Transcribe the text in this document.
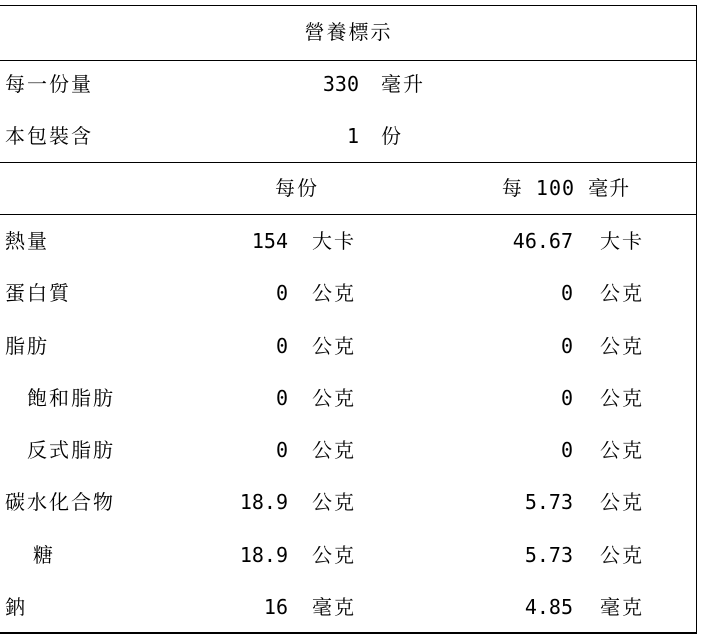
營養標示
每一份量	330 毫升
本包裝含	1 份
每份	每 100 毫升
熱量	154 大卡	46.67 大卡
蛋白質	0 公克	0 公克
脂肪	0 公克	0 公克
飽和脂肪	0 公克	0 公克
反式脂肪	0 公克	0 公克
碳水化合物	18.9 公克	5.73 公克
糖	18.9 公克	5.73 公克
鈉	16 毫克	4.85 毫克
